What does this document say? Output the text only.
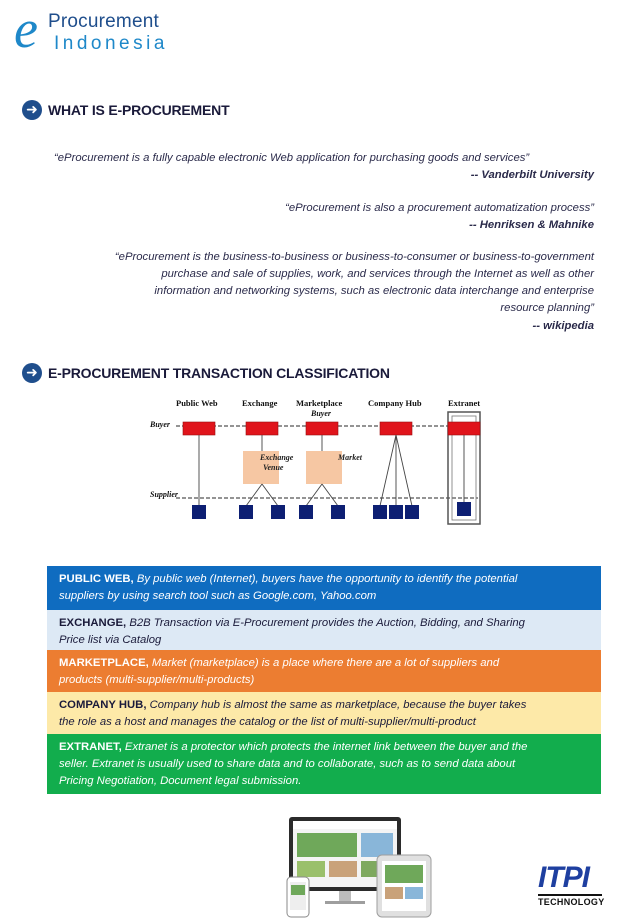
e Procurement
Indonesia
➜ WHAT IS E-PROCUREMENT
“eProcurement is a fully capable electronic Web application for purchasing goods and services”
-- Vanderbilt University
“eProcurement is also a procurement automatization process”
-- Henriksen & Mahnike
“eProcurement is the business-to-business or business-to-consumer or business-to-government
purchase and sale of supplies, work, and services through the Internet as well as other
information and networking systems, such as electronic data interchange and enterprise
resource planning”
-- wikipedia
➜ E-PROCUREMENT TRANSACTION CLASSIFICATION
Public Web	Exchange Marketplace	Company Hub	Extranet
Buyer
Buyer
Supplier
Exchange
Venue
Market
PUBLIC WEB, By public web (Internet), buyers have the opportunity to identify the potential
suppliers by using search tool such as Google.com, Yahoo.com
EXCHANGE, B2B Transaction via E-Procurement provides the Auction, Bidding, and Sharing
Price list via Catalog
MARKETPLACE, Market (marketplace) is a place where there are a lot of suppliers and
products (multi-supplier/multi-products)
COMPANY HUB, Company hub is almost the same as marketplace, because the buyer takes
the role as a host and manages the catalog or the list of multi-supplier/multi-product
EXTRANET, Extranet is a protector which protects the internet link between the buyer and the
seller. Extranet is usually used to share data and to collaborate, such as to send data about
Pricing Negotiation, Document legal submission.
ITPI
TECHNOLOGY
